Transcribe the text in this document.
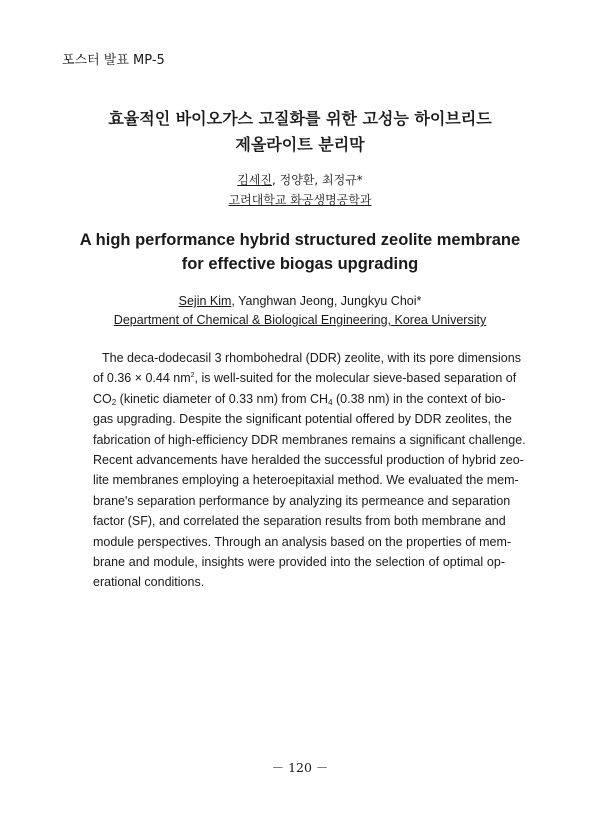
포스터 발표 MP-5
효율적인 바이오가스 고질화를 위한 고성능 하이브리드
제올라이트 분리막
김세진, 정양환, 최정규*
고려대학교 화공생명공학과
A high performance hybrid structured zeolite membrane
for effective biogas upgrading
Sejin Kim, Yanghwan Jeong, Jungkyu Choi*
Department of Chemical & Biological Engineering, Korea University
The deca-dodecasil 3 rhombohedral (DDR) zeolite, with its pore dimensions
of 0.36 × 0.44 $nm^2$, is well-suited for the molecular sieve-based separation of
$CO_2$ (kinetic diameter of 0.33 nm) from $CH_4$ (0.38 nm) in the context of bio-
gas upgrading. Despite the significant potential offered by DDR zeolites, the
fabrication of high-efficiency DDR membranes remains a significant challenge.
Recent advancements have heralded the successful production of hybrid zeo-
lite membranes employing a heteroepitaxial method. We evaluated the mem-
brane's separation performance by analyzing its permeance and separation
factor (SF), and correlated the separation results from both membrane and
module perspectives. Through an analysis based on the properties of mem-
brane and module, insights were provided into the selection of optimal op-
erational conditions.
－ 120 －
